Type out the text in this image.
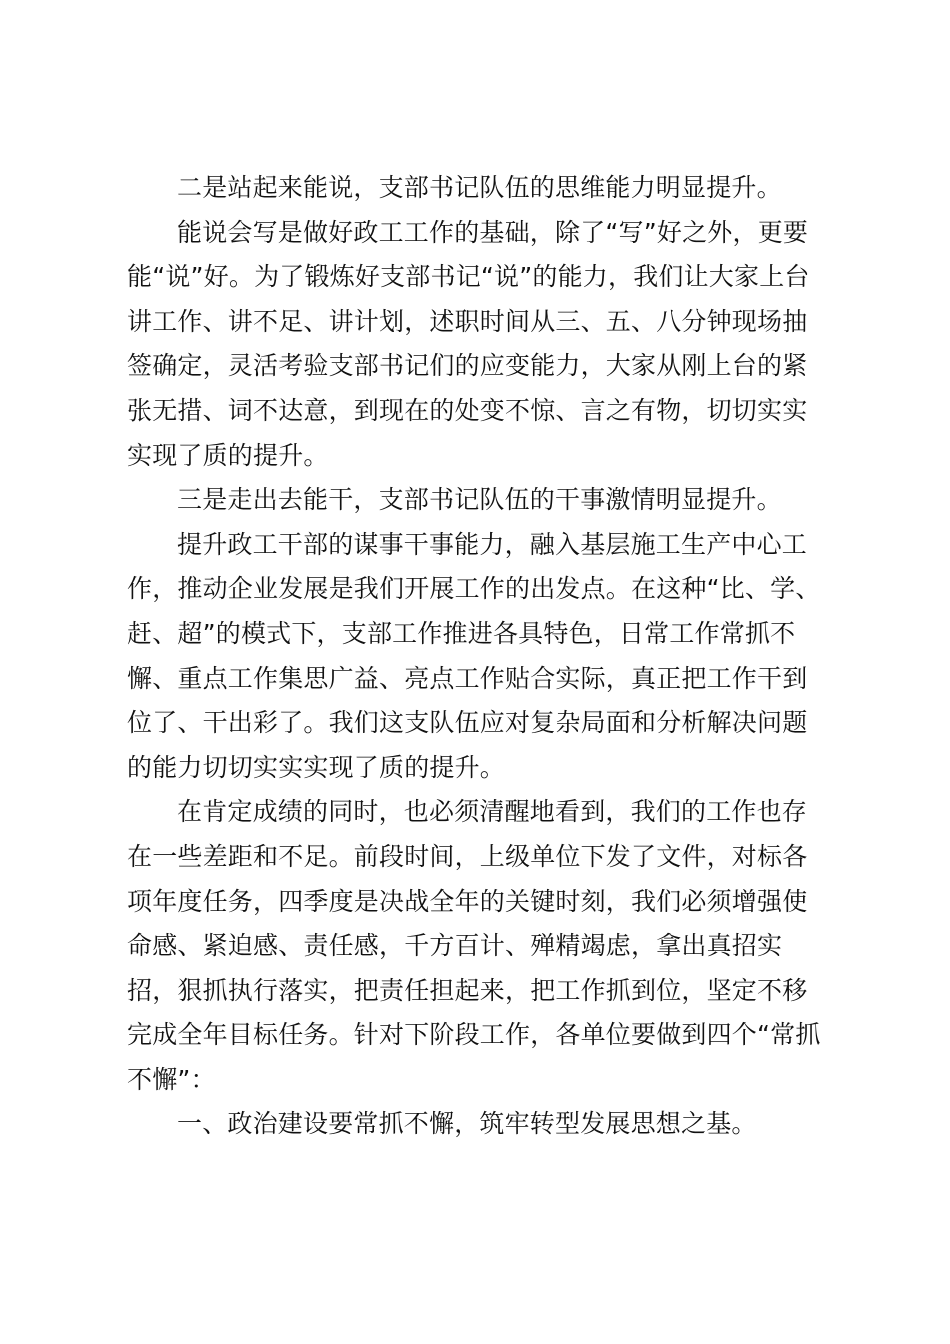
二是站起来能说，支部书记队伍的思维能力明显提升。
能说会写是做好政工工作的基础，除了“写”好之外，更要
能“说”好。为了锻炼好支部书记“说”的能力，我们让大家上台
讲工作、讲不足、讲计划，述职时间从三、五、八分钟现场抽
签确定，灵活考验支部书记们的应变能力，大家从刚上台的紧
张无措、词不达意，到现在的处变不惊、言之有物，切切实实
实现了质的提升。
三是走出去能干，支部书记队伍的干事激情明显提升。
提升政工干部的谋事干事能力，融入基层施工生产中心工
作，推动企业发展是我们开展工作的出发点。在这种“比、学、
赶、超”的模式下，支部工作推进各具特色，日常工作常抓不
懈、重点工作集思广益、亮点工作贴合实际，真正把工作干到
位了、干出彩了。我们这支队伍应对复杂局面和分析解决问题
的能力切切实实实现了质的提升。
在肯定成绩的同时，也必须清醒地看到，我们的工作也存
在一些差距和不足。前段时间，上级单位下发了文件，对标各
项年度任务，四季度是决战全年的关键时刻，我们必须增强使
命感、紧迫感、责任感，千方百计、殚精竭虑，拿出真招实
招，狠抓执行落实，把责任担起来，把工作抓到位，坚定不移
完成全年目标任务。针对下阶段工作，各单位要做到四个“常抓
不懈”：
一、政治建设要常抓不懈，筑牢转型发展思想之基。
